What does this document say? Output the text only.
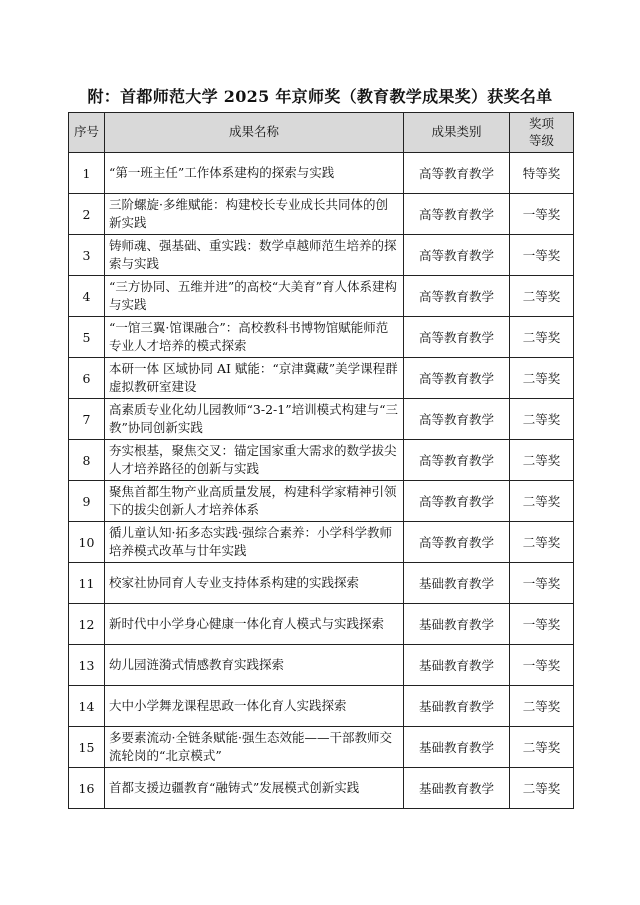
附：首都师范大学 2025 年京师奖（教育教学成果奖）获奖名单
序号	成果名称	成果类别	奖项
等级

1	“第一班主任”工作体系建构的探索与实践	高等教育教学	特等奖
2	三阶螺旋·多维赋能：构建校长专业成长共同体的创新实践	高等教育教学	一等奖
3	铸师魂、强基础、重实践：数学卓越师范生培养的探索与实践	高等教育教学	一等奖
4	“三方协同、五维并进”的高校“大美育”育人体系建构与实践	高等教育教学	二等奖
5	“一馆三翼·馆课融合”：高校教科书博物馆赋能师范专业人才培养的模式探索	高等教育教学	二等奖
6	本研一体 区域协同 AI 赋能：“京津冀藏”美学课程群虚拟教研室建设	高等教育教学	二等奖
7	高素质专业化幼儿园教师“3-2-1”培训模式构建与“三教”协同创新实践	高等教育教学	二等奖
8	夯实根基，聚焦交叉：锚定国家重大需求的数学拔尖人才培养路径的创新与实践	高等教育教学	二等奖
9	聚焦首都生物产业高质量发展，构建科学家精神引领下的拔尖创新人才培养体系	高等教育教学	二等奖
10	循儿童认知·拓多态实践·强综合素养：小学科学教师培养模式改革与廿年实践	高等教育教学	二等奖
11	校家社协同育人专业支持体系构建的实践探索	基础教育教学	一等奖
12	新时代中小学身心健康一体化育人模式与实践探索	基础教育教学	一等奖
13	幼儿园涟漪式情感教育实践探索	基础教育教学	一等奖
14	大中小学舞龙课程思政一体化育人实践探索	基础教育教学	二等奖
15	多要素流动·全链条赋能·强生态效能——干部教师交流轮岗的“北京模式”	基础教育教学	二等奖
16	首都支援边疆教育“融铸式”发展模式创新实践	基础教育教学	二等奖
